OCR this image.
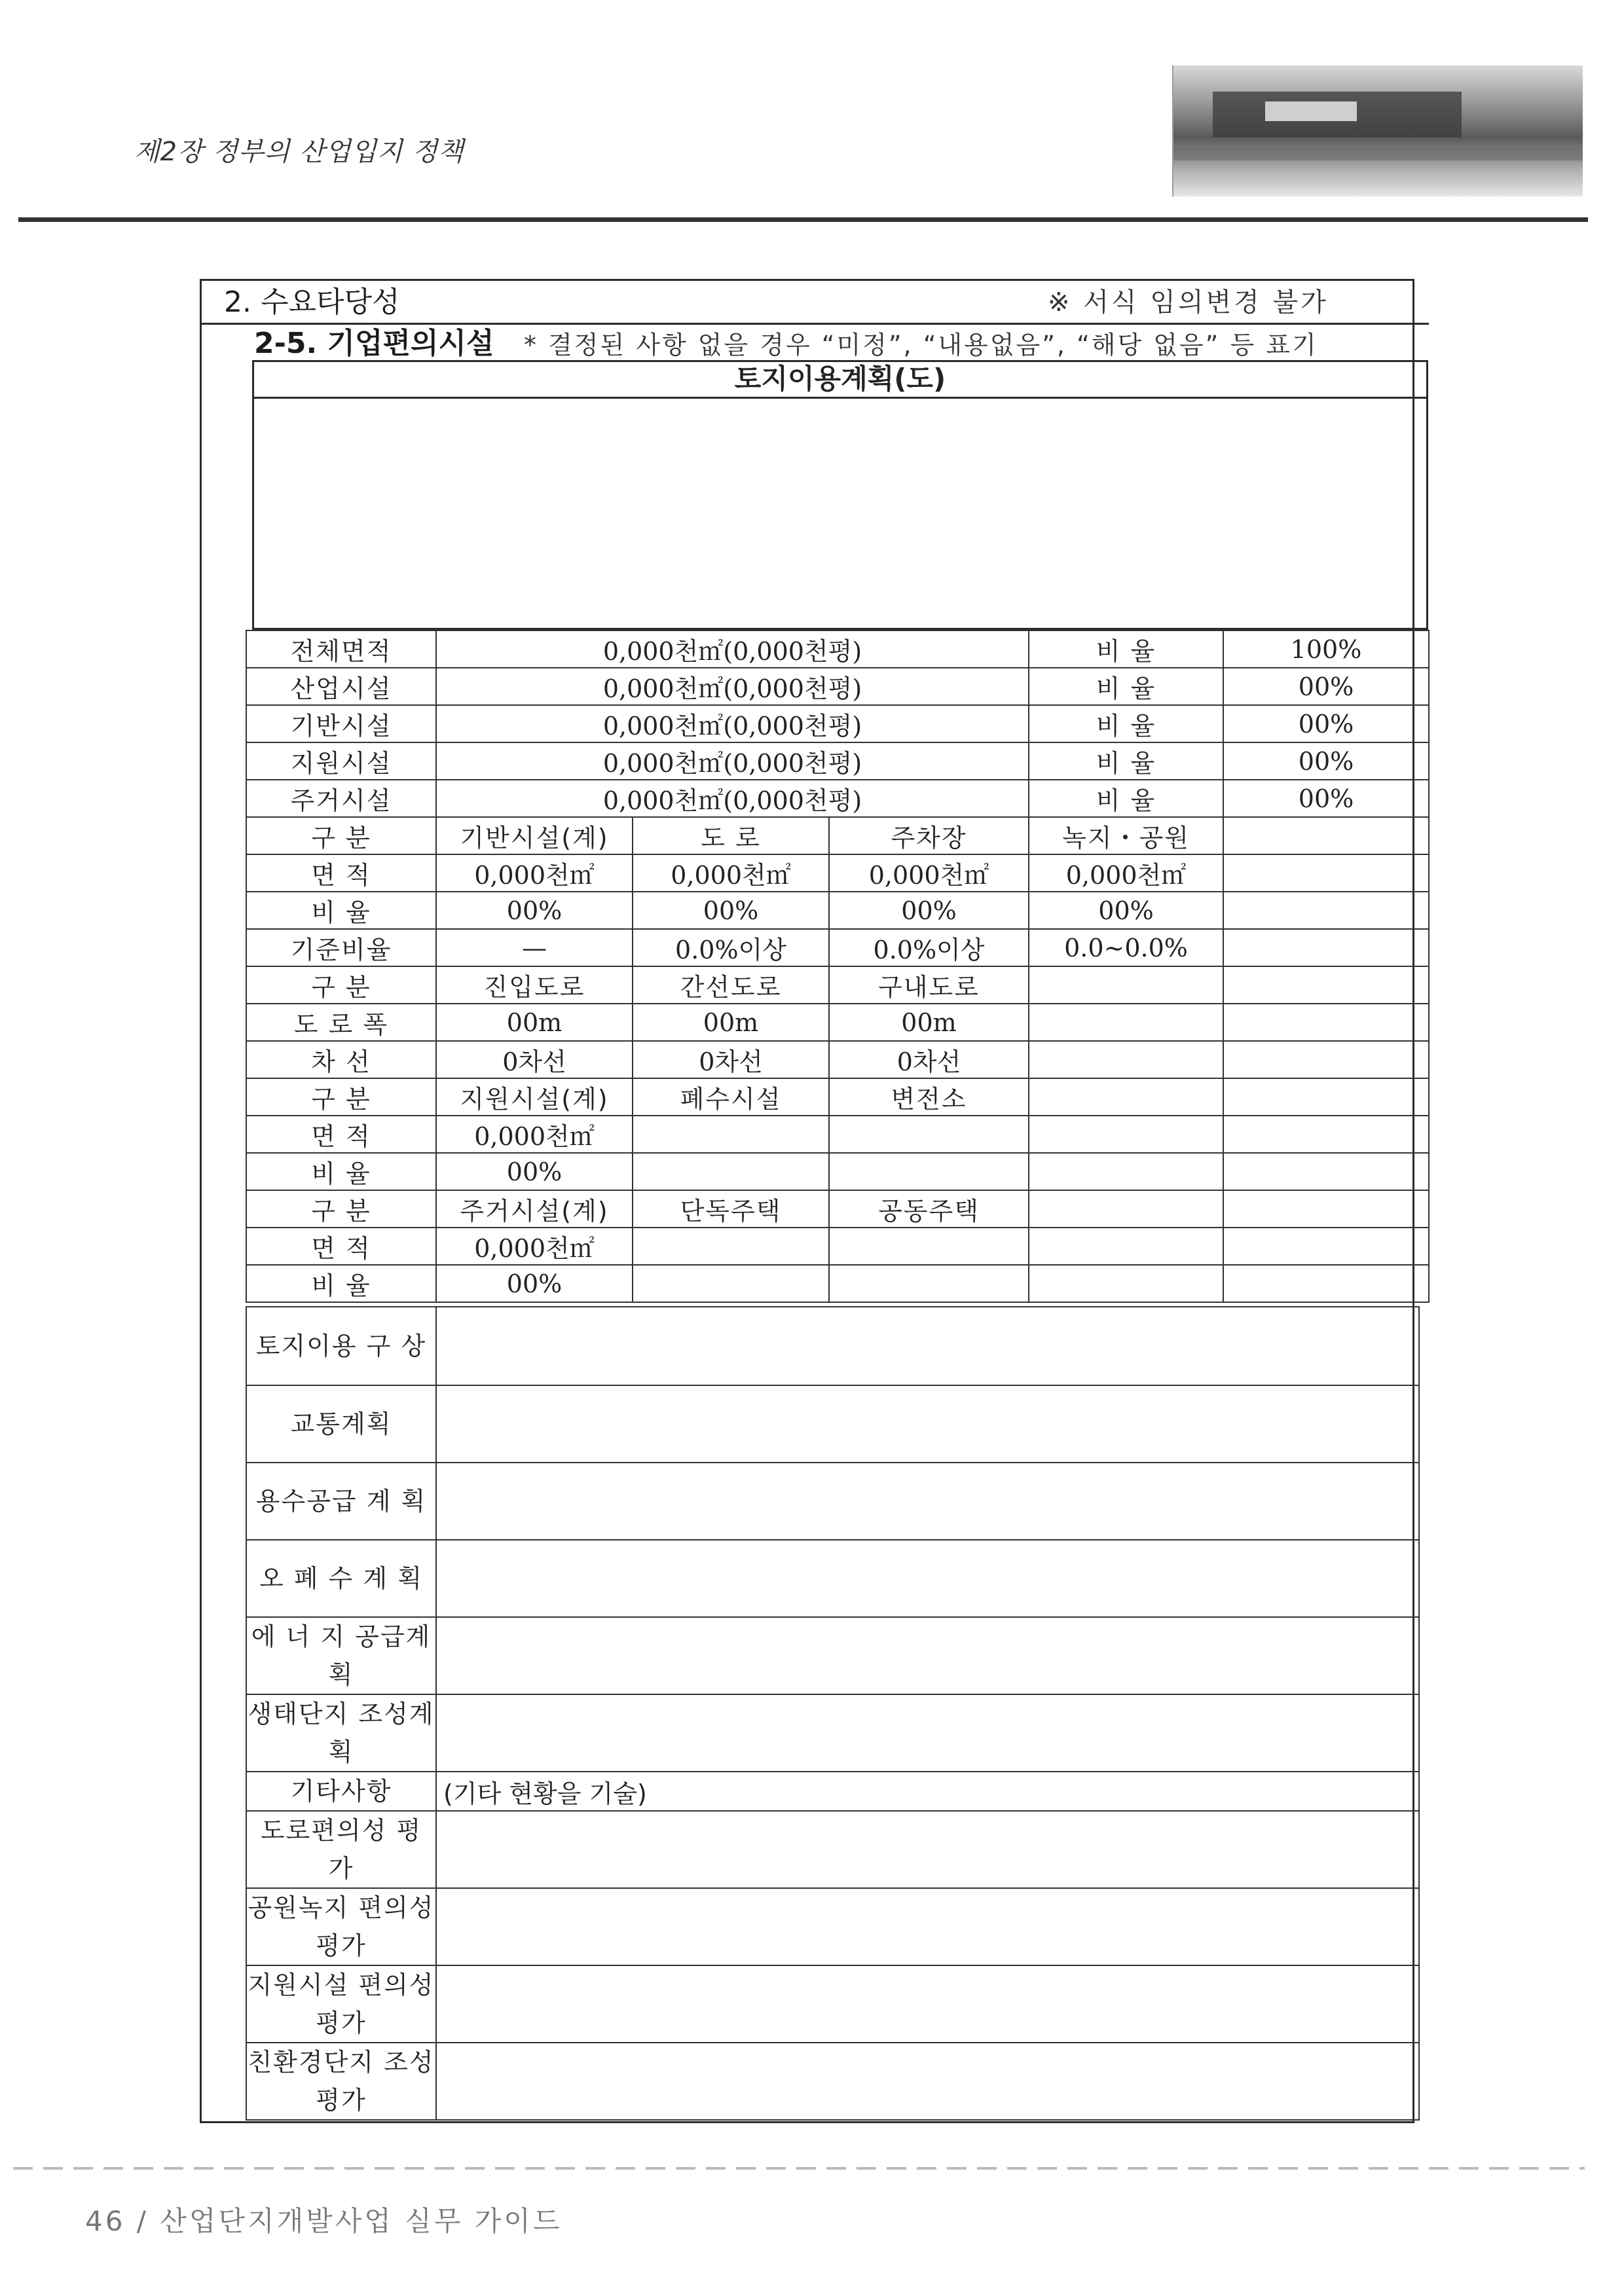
제2장 정부의 산업입지 정책
2. 수요타당성	※ 서식 임의변경 불가
2-5. 기업편의시설 * 결정된 사항 없을 경우 “미정”, “내용없음”, “해당 없음” 등 표기
토지이용계획(도)
전체면적	0,000천㎡(0,000천평)			비 율	100%
산업시설	0,000천㎡(0,000천평)			비 율	00%
기반시설	0,000천㎡(0,000천평)			비 율	00%
지원시설	0,000천㎡(0,000천평)			비 율	00%
주거시설	0,000천㎡(0,000천평)			비 율	00%
구 분	기반시설(계)	도 로	주차장	녹지・공원	
면 적	0,000천㎡	0,000천㎡	0,000천㎡	0,000천㎡	
비 율	00%	00%	00%	00%	
기준비율	—	0.0%이상	0.0%이상	0.0~0.0%	
구 분	진입도로	간선도로	구내도로		
도 로 폭	00m	00m	00m		
차 선	0차선	0차선	0차선		
구 분	지원시설(계)	폐수시설	변전소		
면 적	0,000천㎡				
비 율	00%				
구 분	주거시설(계)	단독주택	공동주택		
면 적	0,000천㎡				
비 율	00%				
토지이용 구 상	
교통계획	
용수공급 계 획	
오 폐 수 계 획	
에 너 지 공급계획	
생태단지 조성계획	
기타사항	(기타 현황을 기술)
도로편의성 평 가	
공원녹지 편의성평가	
지원시설 편의성평가	
친환경단지 조성평가	
46 / 산업단지개발사업 실무 가이드
